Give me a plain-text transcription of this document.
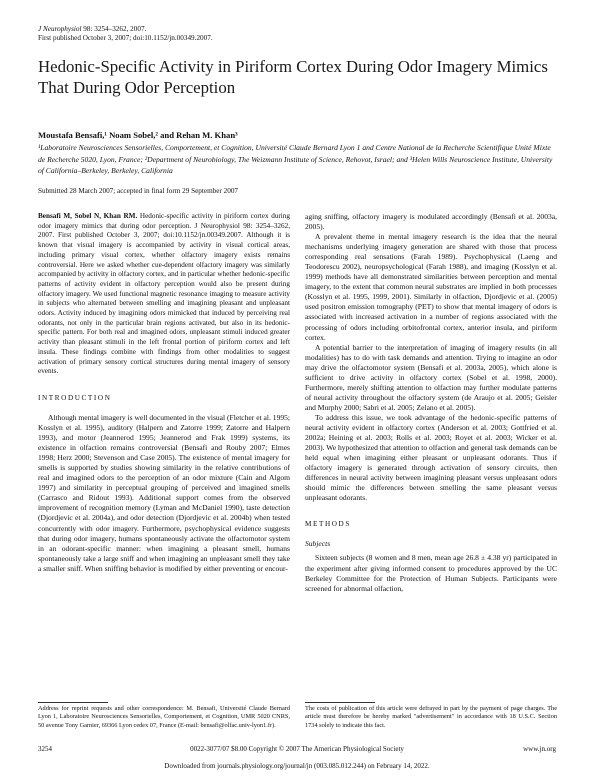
J Neurophysiol 98: 3254–3262, 2007.
First published October 3, 2007; doi:10.1152/jn.00349.2007.
Hedonic-Specific Activity in Piriform Cortex During Odor Imagery Mimics That During Odor Perception
Moustafa Bensafi,¹ Noam Sobel,² and Rehan M. Khan³
¹Laboratoire Neurosciences Sensorielles, Comportement, et Cognition, Université Claude Bernard Lyon 1 and Centre National de la Recherche Scientifique Unité Mixte de Recherche 5020, Lyon, France; ²Department of Neurobiology, The Weizmann Institute of Science, Rehovot, Israel; and ³Helen Wills Neuroscience Institute, University of California–Berkeley, Berkeley, California
Submitted 28 March 2007; accepted in final form 29 September 2007

Bensafi M, Sobel N, Khan RM. Hedonic-specific activity in piriform cortex during odor imagery mimics that during odor perception. J Neurophysiol 98: 3254–3262, 2007. First published October 3, 2007; doi:10.1152/jn.00349.2007. Although it is known that visual imagery is accompanied by activity in visual cortical areas, including primary visual cortex, whether olfactory imagery exists remains controversial. Here we asked whether cue-dependent olfactory imagery was similarly accompanied by activity in olfactory cortex, and in particular whether hedonic-specific patterns of activity evident in olfactory perception would also be present during olfactory imagery. We used functional magnetic resonance imaging to measure activity in subjects who alternated between smelling and imagining pleasant and unpleasant odors. Activity induced by imagining odors mimicked that induced by perceiving real odorants, not only in the particular brain regions activated, but also in its hedonic-specific pattern. For both real and imagined odors, unpleasant stimuli induced greater activity than pleasant stimuli in the left frontal portion of piriform cortex and left insula. These findings combine with findings from other modalities to suggest activation of primary sensory cortical structures during mental imagery of sensory events.

INTRODUCTION

Although mental imagery is well documented in the visual (Fletcher et al. 1995; Kosslyn et al. 1995), auditory (Halpern and Zatorre 1999; Zatorre and Halpern 1993), and motor (Jeannerod 1995; Jeannerod and Frak 1999) systems, its existence in olfaction remains controversial (Bensafi and Rouby 2007; Elmes 1998; Herz 2000; Stevenson and Case 2005). The existence of mental imagery for smells is supported by studies showing similarity in the relative contributions of real and imagined odors to the perception of an odor mixture (Cain and Algom 1997) and similarity in perceptual grouping of perceived and imagined smells (Carrasco and Ridout 1993). Additional support comes from the observed improvement of recognition memory (Lyman and McDaniel 1990), taste detection (Djordjevic et al. 2004a), and odor detection (Djordjevic et al. 2004b) when tested concurrently with odor imagery. Furthermore, psychophysical evidence suggests that during odor imagery, humans spontaneously activate the olfactomotor system in an odorant-specific manner: when imagining a pleasant smell, humans spontaneously take a large sniff and when imagining an unpleasant smell they take a smaller sniff. When sniffing behavior is modified by either preventing or encour-

aging sniffing, olfactory imagery is modulated accordingly (Bensafi et al. 2003a, 2005).

A prevalent theme in mental imagery research is the idea that the neural mechanisms underlying imagery generation are shared with those that process corresponding real sensations (Farah 1989). Psychophysical (Laeng and Teodorescu 2002), neuropsychological (Farah 1988), and imaging (Kosslyn et al. 1999) methods have all demonstrated similarities between perception and mental imagery, to the extent that common neural substrates are implied in both processes (Kosslyn et al. 1995, 1999, 2001). Similarly in olfaction, Djordjevic et al. (2005) used positron emission tomography (PET) to show that mental imagery of odors is associated with increased activation in a number of regions associated with the processing of odors including orbitofrontal cortex, anterior insula, and piriform cortex.

A potential barrier to the interpretation of imaging of imagery results (in all modalities) has to do with task demands and attention. Trying to imagine an odor may drive the olfactomotor system (Bensafi et al. 2003a, 2005), which alone is sufficient to drive activity in olfactory cortex (Sobel et al. 1998, 2000). Furthermore, merely shifting attention to olfaction may further modulate patterns of neural activity throughout the olfactory system (de Araujo et al. 2005; Geisler and Murphy 2000; Sabri et al. 2005; Zelano et al. 2005).

To address this issue, we took advantage of the hedonic-specific patterns of neural activity evident in olfactory cortex (Anderson et al. 2003; Gottfried et al. 2002a; Heining et al. 2003; Rolls et al. 2003; Royet et al. 2003; Wicker et al. 2003). We hypothesized that attention to olfaction and general task demands can be held equal when imagining either pleasant or unpleasant odorants. Thus if olfactory imagery is generated through activation of sensory circuits, then differences in neural activity between imagining pleasant versus unpleasant odors should mimic the differences between smelling the same pleasant versus unpleasant odorants.

METHODS
Subjects

Sixteen subjects (8 women and 8 men, mean age 26.8 ± 4.38 yr) participated in the experiment after giving informed consent to procedures approved by the UC Berkeley Committee for the Protection of Human Subjects. Participants were screened for abnormal olfaction,

Address for reprint requests and other correspondence: M. Bensafi, Université Claude Bernard Lyon 1, Laboratoire Neurosciences Sensorielles, Comportement, et Cognition, UMR 5020 CNRS, 50 avenue Tony Garnier, 69366 Lyon cedex 07, France (E-mail: bensafi@olfac.univ-lyon1.fr).
The costs of publication of this article were defrayed in part by the payment of page charges. The article must therefore be hereby marked "advertisement" in accordance with 18 U.S.C. Section 1734 solely to indicate this fact.
3254	0022-3077/07 $8.00 Copyright © 2007 The American Physiological Society	www.jn.org
Downloaded from journals.physiology.org/journal/jn (003.085.012.244) on February 14, 2022.
